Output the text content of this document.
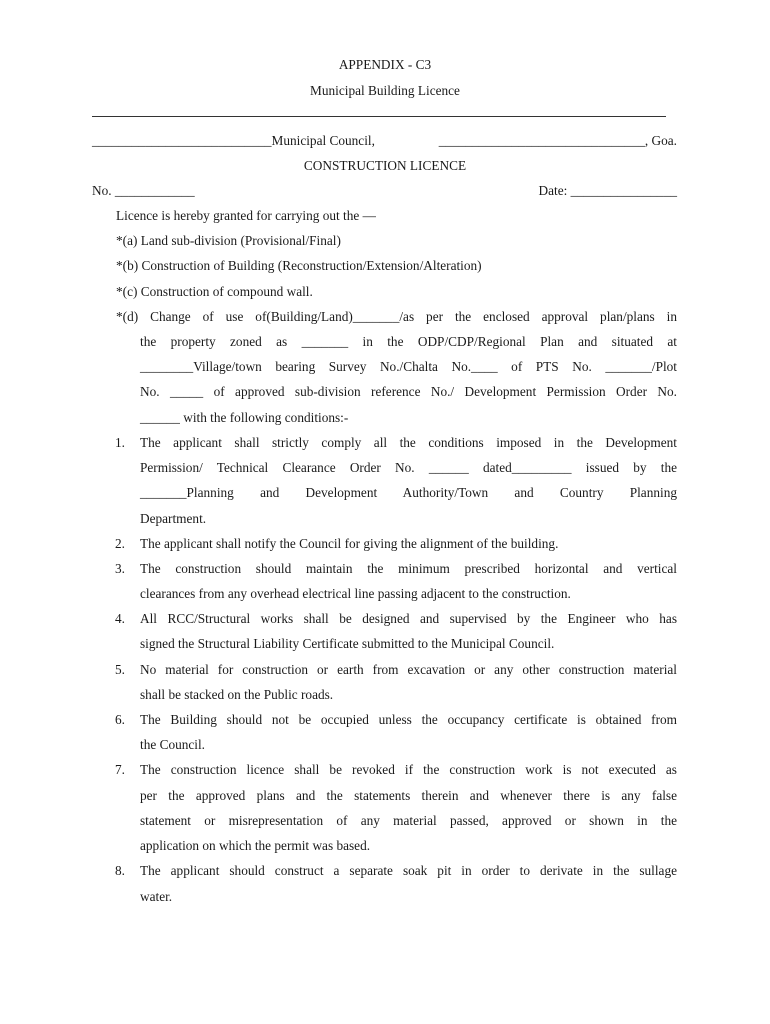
APPENDIX - C3
Municipal Building Licence
___________________________Municipal Council,	_______________________________, Goa.
CONSTRUCTION LICENCE
No. ____________	Date: ________________
Licence is hereby granted for carrying out the —
*(a) Land sub-division (Provisional/Final)
*(b) Construction of Building (Reconstruction/Extension/Alteration)
*(c) Construction of compound wall.
*(d) Change of use of(Building/Land)_______/as per the enclosed approval plan/plans in
the property zoned as _______ in the ODP/CDP/Regional Plan and situated at
________Village/town bearing Survey No./Chalta No.____ of PTS No. _______/Plot
No. _____ of approved sub-division reference No./ Development Permission Order No.
______ with the following conditions:-
1. The applicant shall strictly comply all the conditions imposed in the Development
Permission/ Technical Clearance Order No. ______ dated_________ issued by the
_______Planning and Development Authority/Town and Country Planning
Department.
2. The applicant shall notify the Council for giving the alignment of the building.
3. The construction should maintain the minimum prescribed horizontal and vertical
clearances from any overhead electrical line passing adjacent to the construction.
4. All RCC/Structural works shall be designed and supervised by the Engineer who has
signed the Structural Liability Certificate submitted to the Municipal Council.
5. No material for construction or earth from excavation or any other construction material
shall be stacked on the Public roads.
6. The Building should not be occupied unless the occupancy certificate is obtained from
the Council.
7. The construction licence shall be revoked if the construction work is not executed as
per the approved plans and the statements therein and whenever there is any false
statement or misrepresentation of any material passed, approved or shown in the
application on which the permit was based.
8. The applicant should construct a separate soak pit in order to derivate in the sullage
water.
